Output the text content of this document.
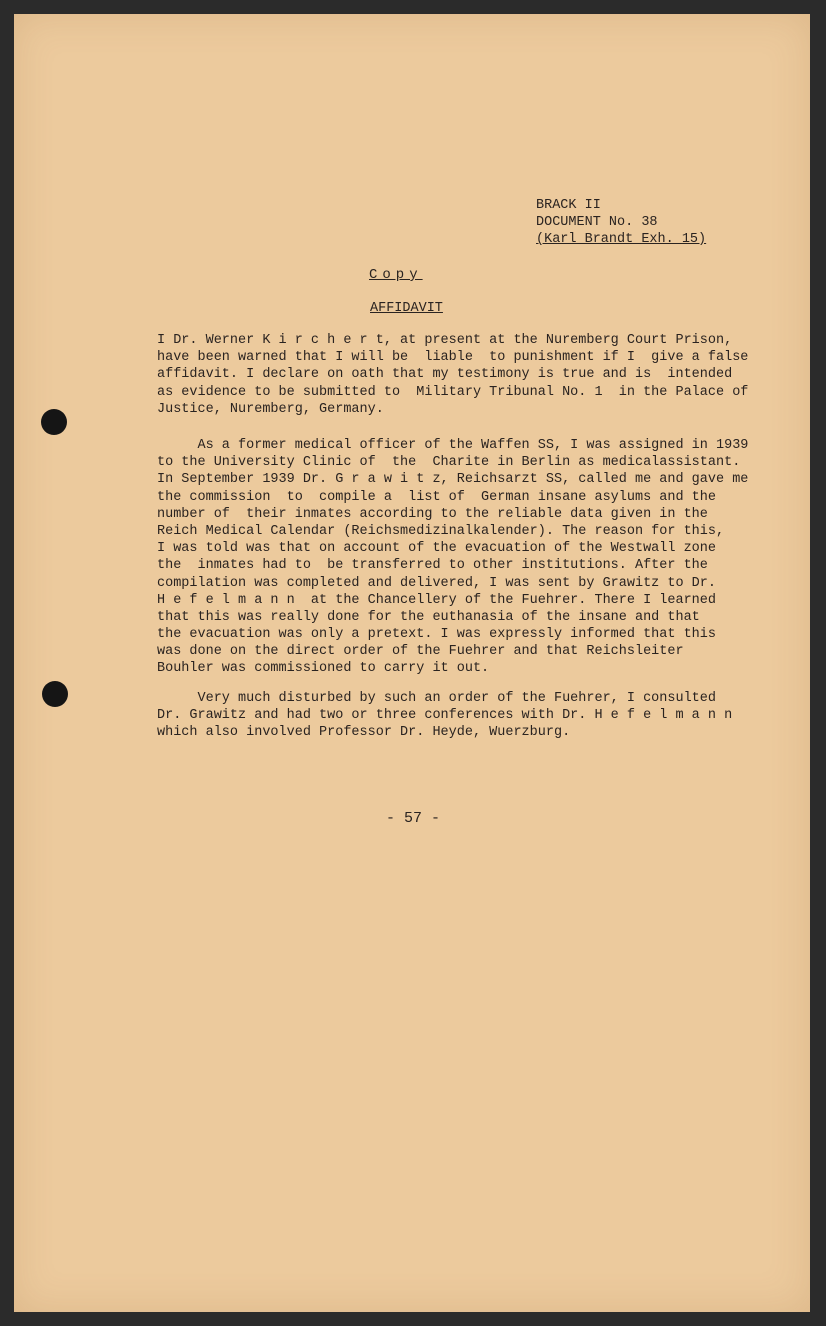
BRACK II
DOCUMENT No. 38
(Karl Brandt Exh. 15)
Copy
AFFIDAVIT
I Dr. Werner K i r c h e r t, at present at the Nuremberg Court Prison,
have been warned that I will be  liable  to punishment if I  give a false
affidavit. I declare on oath that my testimony is true and is  intended
as evidence to be submitted to  Military Tribunal No. 1  in the Palace of
Justice, Nuremberg, Germany.
As a former medical officer of the Waffen SS, I was assigned in 1939
to the University Clinic of  the  Charite in Berlin as medicalassistant.
In September 1939 Dr. G r a w i t z, Reichsarzt SS, called me and gave me
the commission  to  compile a  list of  German insane asylums and the
number of  their inmates according to the reliable data given in the
Reich Medical Calendar (Reichsmedizinalkalender). The reason for this,
I was told was that on account of the evacuation of the Westwall zone
the  inmates had to  be transferred to other institutions. After the
compilation was completed and delivered, I was sent by Grawitz to Dr.
H e f e l m a n n  at the Chancellery of the Fuehrer. There I learned
that this was really done for the euthanasia of the insane and that
the evacuation was only a pretext. I was expressly informed that this
was done on the direct order of the Fuehrer and that Reichsleiter
Bouhler was commissioned to carry it out.
Very much disturbed by such an order of the Fuehrer, I consulted
Dr. Grawitz and had two or three conferences with Dr. H e f e l m a n n
which also involved Professor Dr. Heyde, Wuerzburg.
- 57 -
